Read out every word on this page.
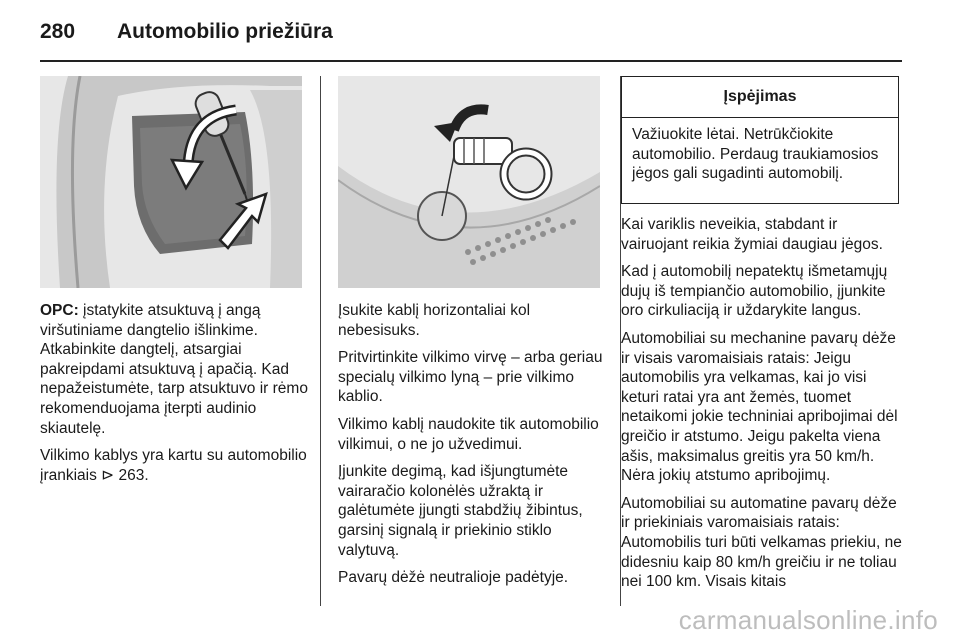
280 Automobilio priežiūra

OPC: įstatykite atsuktuvą į angą viršutiniame dangtelio išlinkime. Atkabinkite dangtelį, atsargiai pakreipdami atsuktuvą į apačią. Kad nepažeistumėte, tarp atsuktuvo ir rėmo rekomenduojama įterpti audinio skiautelę.

Vilkimo kablys yra kartu su automobilio įrankiais ⊳ 263.

Įsukite kablį horizontaliai kol nebesisuks.

Pritvirtinkite vilkimo virvę – arba geriau specialų vilkimo lyną – prie vilkimo kablio.

Vilkimo kablį naudokite tik automobilio vilkimui, o ne jo užvedimui.

Įjunkite degimą, kad išjungtumėte vairaračio kolonėlės užraktą ir galėtumėte įjungti stabdžių žibintus, garsinį signalą ir priekinio stiklo valytuvą.

Pavarų dėžė neutralioje padėtyje.

Įspėjimas
Važiuokite lėtai. Netrūkčiokite automobilio. Perdaug traukiamosios jėgos gali sugadinti automobilį.

Kai variklis neveikia, stabdant ir vairuojant reikia žymiai daugiau jėgos.

Kad į automobilį nepatektų išmetamųjų dujų iš tempiančio automobilio, įjunkite oro cirkuliaciją ir uždarykite langus.

Automobiliai su mechanine pavarų dėže ir visais varomaisiais ratais: Jeigu automobilis yra velkamas, kai jo visi keturi ratai yra ant žemės, tuomet netaikomi jokie techniniai apribojimai dėl greičio ir atstumo. Jeigu pakelta viena ašis, maksimalus greitis yra 50 km/h. Nėra jokių atstumo apribojimų.

Automobiliai su automatine pavarų dėže ir priekiniais varomaisiais ratais: Automobilis turi būti velkamas priekiu, ne didesniu kaip 80 km/h greičiu ir ne toliau nei 100 km. Visais kitais

carmanualsonline.info
